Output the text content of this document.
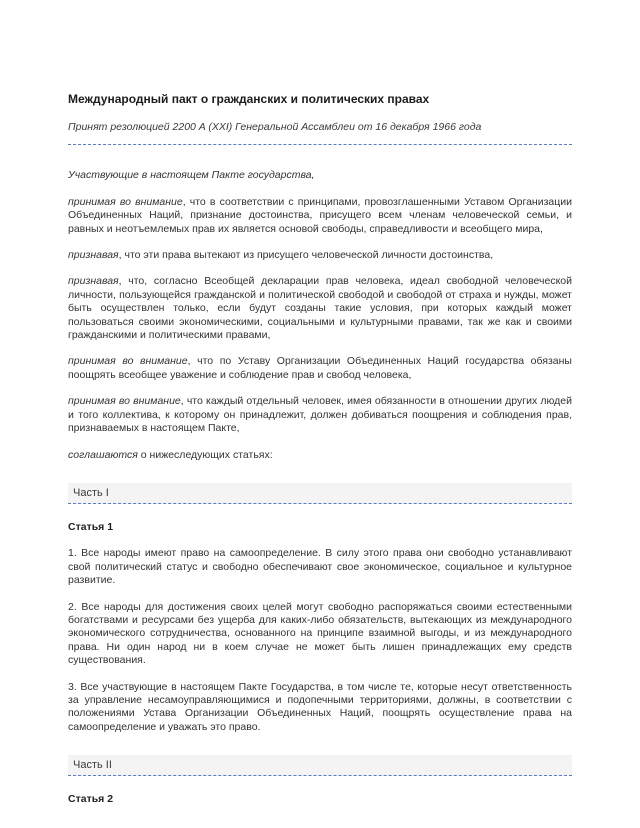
Международный пакт о гражданских и политических правах

Принят резолюцией 2200 A (XXI) Генеральной Ассамблеи от 16 декабря 1966 года

Участвующие в настоящем Пакте государства,

принимая во внимание, что в соответствии с принципами, провозглашенными Уставом Организации Объединенных Наций, признание достоинства, присущего всем членам человеческой семьи, и равных и неотъемлемых прав их является основой свободы, справедливости и всеобщего мира,

признавая, что эти права вытекают из присущего человеческой личности достоинства,

признавая, что, согласно Всеобщей декларации прав человека, идеал свободной человеческой личности, пользующейся гражданской и политической свободой и свободой от страха и нужды, может быть осуществлен только, если будут созданы такие условия, при которых каждый может пользоваться своими экономическими, социальными и культурными правами, так же как и своими гражданскими и политическими правами,

принимая во внимание, что по Уставу Организации Объединенных Наций государства обязаны поощрять всеобщее уважение и соблюдение прав и свобод человека,

принимая во внимание, что каждый отдельный человек, имея обязанности в отношении других людей и того коллектива, к которому он принадлежит, должен добиваться поощрения и соблюдения прав, признаваемых в настоящем Пакте,

соглашаются о нижеследующих статьях:

Часть I

Статья 1

1. Все народы имеют право на самоопределение. В силу этого права они свободно устанавливают свой политический статус и свободно обеспечивают свое экономическое, социальное и культурное развитие.

2. Все народы для достижения своих целей могут свободно распоряжаться своими естественными богатствами и ресурсами без ущерба для каких-либо обязательств, вытекающих из международного экономического сотрудничества, основанного на принципе взаимной выгоды, и из международного права. Ни один народ ни в коем случае не может быть лишен принадлежащих ему средств существования.

3. Все участвующие в настоящем Пакте Государства, в том числе те, которые несут ответственность за управление несамоуправляющимися и подопечными территориями, должны, в соответствии с положениями Устава Организации Объединенных Наций, поощрять осуществление права на самоопределение и уважать это право.

Часть II

Статья 2
